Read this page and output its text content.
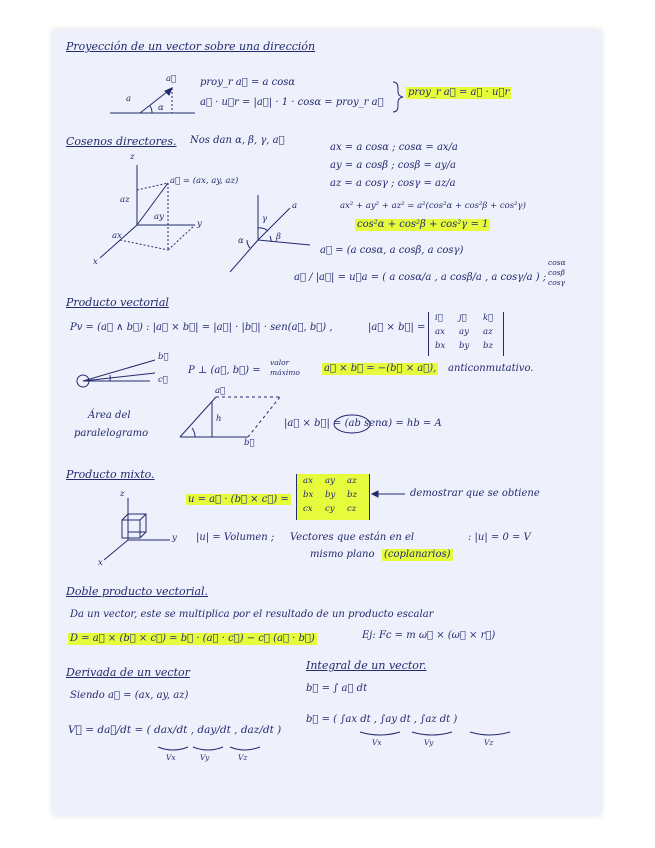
Proyección de un vector sobre una dirección
a
α
a⃗ proy_r a⃗ = a cosα
a⃗ · u⃗r = |a⃗| · 1 · cosα = proy_r a⃗
proy_r a⃗ = a⃗ · u⃗r
Cosenos directores. Nos dan α, β, γ, a⃗
z
y
x
az
ay
ax
a⃗ = (ax, ay, az)
γ
β
α
a
ax = a cosα ; cosα = ax/a
ay = a cosβ ; cosβ = ay/a
az = a cosγ ; cosγ = az/a
ax² + ay² + az² = a²(cos²α + cos²β + cos²γ)
cos²α + cos²β + cos²γ = 1
a⃗ = (a cosα, a cosβ, a cosγ)
a⃗ / |a⃗| = u⃗a = ( a cosα/a , a cosβ/a , a cosγ/a ) ;
cosα
cosβ
cosγ
Producto vectorial
Pv = (a⃗ ∧ b⃗) : |a⃗ × b⃗| = |a⃗| · |b⃗| · sen(a⃗, b⃗) ,	|a⃗ × b⃗| =
i⃗ j⃗ k⃗
ax ay az
bx by bz
b⃗
c⃗
P ⊥ (a⃗, b⃗) =
valor
máximo a⃗ × b⃗ = −(b⃗ × a⃗), anticonmutativo.
Área del
paralelogramo
a⃗
h
b⃗
|a⃗ × b⃗| = (ab senα) = hb = A
Producto mixto.
z
y
x
u = a⃗ · (b⃗ × c⃗) =
ax ay az
bx by bz
cx cy cz
demostrar que se obtiene
|u| = Volumen ; Vectores que están en el	: |u| = 0 = V
mismo plano (coplanarios)
Doble producto vectorial.
Da un vector, este se multiplica por el resultado de un producto escalar
D = a⃗ × (b⃗ × c⃗) = b⃗ · (a⃗ · c⃗) − c⃗ (a⃗ · b⃗)	Ej: Fc = m ω⃗ × (ω⃗ × r⃗)
Derivada de un vector
Siendo a⃗ = (ax, ay, az)
V⃗ = da⃗/dt = ( dax/dt , day/dt , daz/dt )
Vx	Vy	Vz
Integral de un vector.
b⃗ = ∫ a⃗ dt
b⃗ = ( ∫ax dt , ∫ay dt , ∫az dt )
Vx	Vy	Vz
